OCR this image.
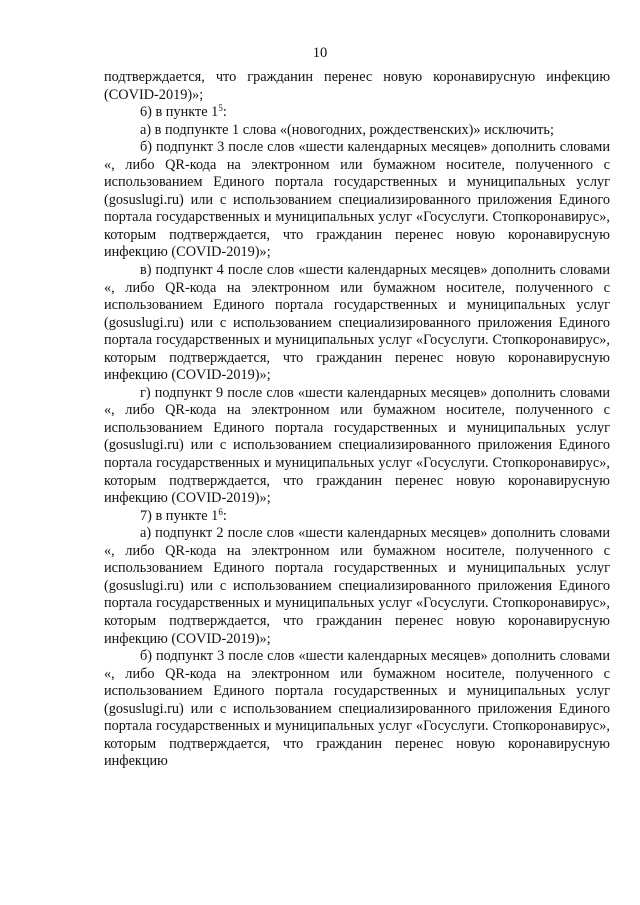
10

подтверждается, что гражданин перенес новую коронавирусную инфекцию (COVID-2019)»;

6) в пункте $1^5$:

а) в подпункте 1 слова «(новогодних, рождественских)» исключить;

б) подпункт 3 после слов «шести календарных месяцев» дополнить словами «, либо QR-кода на электронном или бумажном носителе, полученного с использованием Единого портала государственных и муниципальных услуг (gosuslugi.ru) или с использованием специализированного приложения Единого портала государственных и муниципальных услуг «Госуслуги. Стопкоронавирус», которым подтверждается, что гражданин перенес новую коронавирусную инфекцию (COVID-2019)»;

в) подпункт 4 после слов «шести календарных месяцев» дополнить словами «, либо QR-кода на электронном или бумажном носителе, полученного с использованием Единого портала государственных и муниципальных услуг (gosuslugi.ru) или с использованием специализированного приложения Единого портала государственных и муниципальных услуг «Госуслуги. Стопкоронавирус», которым подтверждается, что гражданин перенес новую коронавирусную инфекцию (COVID-2019)»;

г) подпункт 9 после слов «шести календарных месяцев» дополнить словами «, либо QR-кода на электронном или бумажном носителе, полученного с использованием Единого портала государственных и муниципальных услуг (gosuslugi.ru) или с использованием специализированного приложения Единого портала государственных и муниципальных услуг «Госуслуги. Стопкоронавирус», которым подтверждается, что гражданин перенес новую коронавирусную инфекцию (COVID-2019)»;

7) в пункте $1^6$:

а) подпункт 2 после слов «шести календарных месяцев» дополнить словами «, либо QR-кода на электронном или бумажном носителе, полученного с использованием Единого портала государственных и муниципальных услуг (gosuslugi.ru) или с использованием специализированного приложения Единого портала государственных и муниципальных услуг «Госуслуги. Стопкоронавирус», которым подтверждается, что гражданин перенес новую коронавирусную инфекцию (COVID-2019)»;

б) подпункт 3 после слов «шести календарных месяцев» дополнить словами «, либо QR-кода на электронном или бумажном носителе, полученного с использованием Единого портала государственных и муниципальных услуг (gosuslugi.ru) или с использованием специализированного приложения Единого портала государственных и муниципальных услуг «Госуслуги. Стопкоронавирус», которым подтверждается, что гражданин перенес новую коронавирусную инфекцию
